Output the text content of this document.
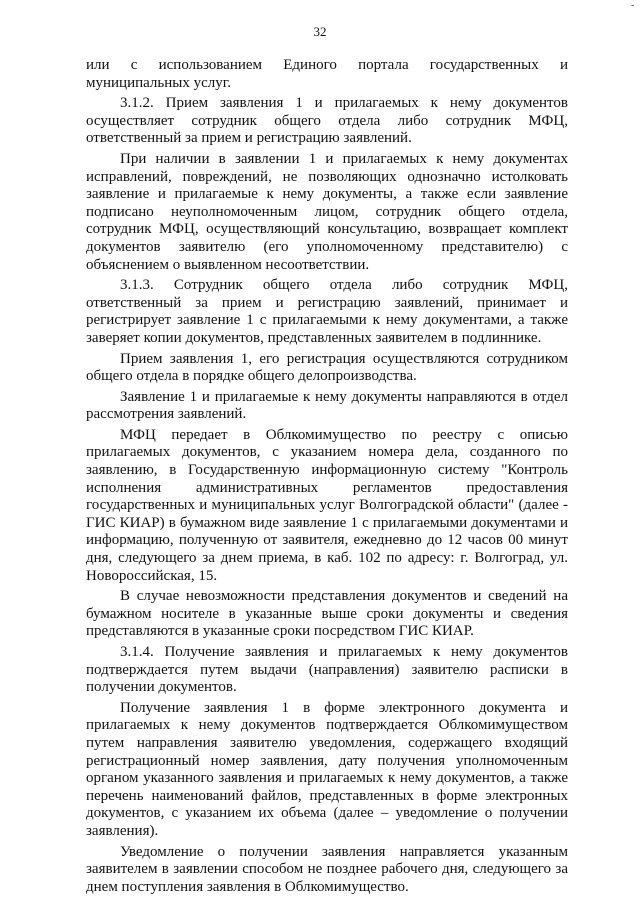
-
32

или с использованием Единого портала государственных и муниципальных услуг.

3.1.2. Прием заявления 1 и прилагаемых к нему документов осуществляет сотрудник общего отдела либо сотрудник МФЦ, ответственный за прием и регистрацию заявлений.

При наличии в заявлении 1 и прилагаемых к нему документах исправлений, повреждений, не позволяющих однозначно истолковать заявление и прилагаемые к нему документы, а также если заявление подписано неуполномоченным лицом, сотрудник общего отдела, сотрудник МФЦ, осуществляющий консультацию, возвращает комплект документов заявителю (его уполномоченному представителю) с объяснением о выявленном несоответствии.

3.1.3. Сотрудник общего отдела либо сотрудник МФЦ, ответственный за прием и регистрацию заявлений, принимает и регистрирует заявление 1 с прилагаемыми к нему документами, а также заверяет копии документов, представленных заявителем в подлиннике.

Прием заявления 1, его регистрация осуществляются сотрудником общего отдела в порядке общего делопроизводства.

Заявление 1 и прилагаемые к нему документы направляются в отдел рассмотрения заявлений.

МФЦ передает в Облкомимущество по реестру с описью прилагаемых документов, с указанием номера дела, созданного по заявлению, в Государственную информационную систему "Контроль исполнения административных регламентов предоставления государственных и муниципальных услуг Волгоградской области" (далее - ГИС КИАР) в бумажном виде заявление 1 с прилагаемыми документами и информацию, полученную от заявителя, ежедневно до 12 часов 00 минут дня, следующего за днем приема, в каб. 102 по адресу: г. Волгоград, ул. Новороссийская, 15.

В случае невозможности представления документов и сведений на бумажном носителе в указанные выше сроки документы и сведения представляются в указанные сроки посредством ГИС КИАР.

3.1.4. Получение заявления и прилагаемых к нему документов подтверждается путем выдачи (направления) заявителю расписки в получении документов.

Получение заявления 1 в форме электронного документа и прилагаемых к нему документов подтверждается Облкомимуществом путем направления заявителю уведомления, содержащего входящий регистрационный номер заявления, дату получения уполномоченным органом указанного заявления и прилагаемых к нему документов, а также перечень наименований файлов, представленных в форме электронных документов, с указанием их объема (далее – уведомление о получении заявления).

Уведомление о получении заявления направляется указанным заявителем в заявлении способом не позднее рабочего дня, следующего за днем поступления заявления в Облкомимущество.
